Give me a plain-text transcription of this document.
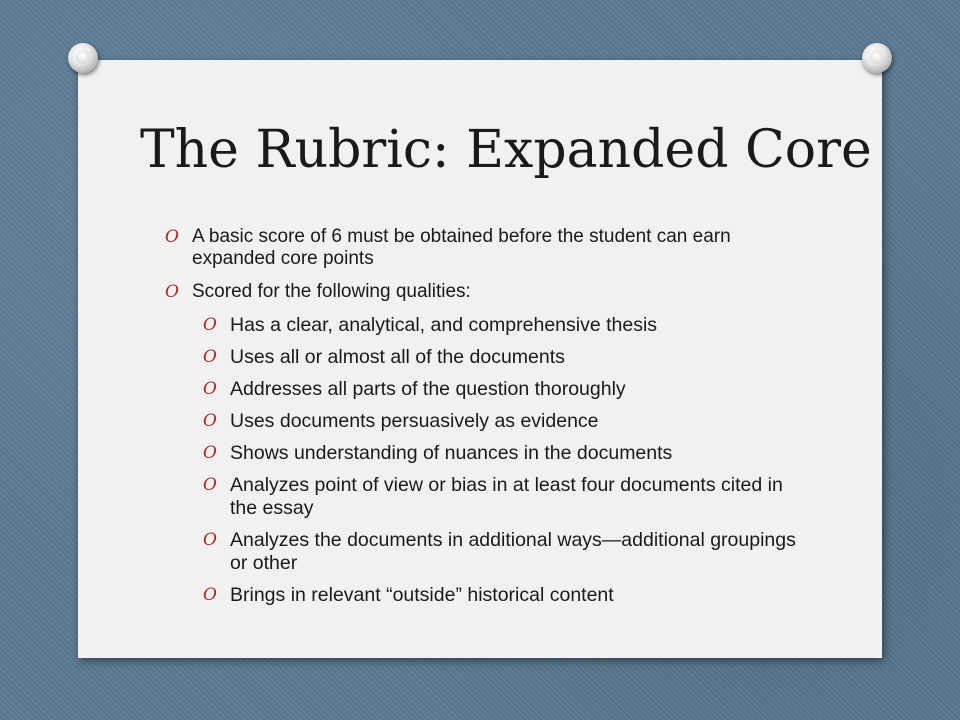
The Rubric: Expanded Core
O A basic score of 6 must be obtained before the student can earn expanded core points
O Scored for the following qualities:
O Has a clear, analytical, and comprehensive thesis
O Uses all or almost all of the documents
O Addresses all parts of the question thoroughly
O Uses documents persuasively as evidence
O Shows understanding of nuances in the documents
O Analyzes point of view or bias in at least four documents cited in the essay
O Analyzes the documents in additional ways—additional groupings or other
O Brings in relevant “outside” historical content
